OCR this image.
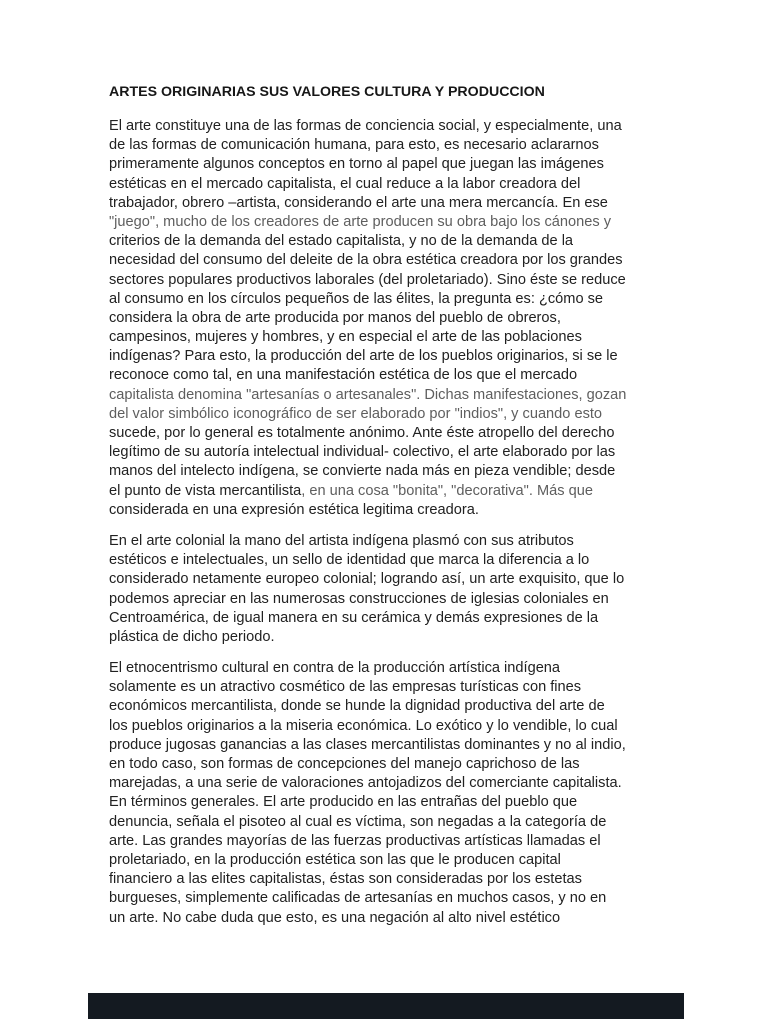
ARTES ORIGINARIAS SUS VALORES CULTURA Y PRODUCCION
El arte constituye una de las formas de conciencia social, y especialmente, una
de las formas de comunicación humana, para esto, es necesario aclararnos
primeramente algunos conceptos en torno al papel que juegan las imágenes
estéticas en el mercado capitalista, el cual reduce a la labor creadora del
trabajador, obrero –artista, considerando el arte una mera mercancía. En ese
"juego", mucho de los creadores de arte producen su obra bajo los cánones y
criterios de la demanda del estado capitalista, y no de la demanda de la
necesidad del consumo del deleite de la obra estética creadora por los grandes
sectores populares productivos laborales (del proletariado). Sino éste se reduce
al consumo en los círculos pequeños de las élites, la pregunta es: ¿cómo se
considera la obra de arte producida por manos del pueblo de obreros,
campesinos, mujeres y hombres, y en especial el arte de las poblaciones
indígenas? Para esto, la producción del arte de los pueblos originarios, si se le
reconoce como tal, en una manifestación estética de los que el mercado
capitalista denomina "artesanías o artesanales". Dichas manifestaciones, gozan
del valor simbólico iconográfico de ser elaborado por "indios", y cuando esto
sucede, por lo general es totalmente anónimo. Ante éste atropello del derecho
legítimo de su autoría intelectual individual- colectivo, el arte elaborado por las
manos del intelecto indígena, se convierte nada más en pieza vendible; desde
el punto de vista mercantilista, en una cosa "bonita", "decorativa". Más que
considerada en una expresión estética legitima creadora.
En el arte colonial la mano del artista indígena plasmó con sus atributos
estéticos e intelectuales, un sello de identidad que marca la diferencia a lo
considerado netamente europeo colonial; logrando así, un arte exquisito, que lo
podemos apreciar en las numerosas construcciones de iglesias coloniales en
Centroamérica, de igual manera en su cerámica y demás expresiones de la
plástica de dicho periodo.
El etnocentrismo cultural en contra de la producción artística indígena
solamente es un atractivo cosmético de las empresas turísticas con fines
económicos mercantilista, donde se hunde la dignidad productiva del arte de
los pueblos originarios a la miseria económica. Lo exótico y lo vendible, lo cual
produce jugosas ganancias a las clases mercantilistas dominantes y no al indio,
en todo caso, son formas de concepciones del manejo caprichoso de las
marejadas, a una serie de valoraciones antojadizos del comerciante capitalista.
En términos generales. El arte producido en las entrañas del pueblo que
denuncia, señala el pisoteo al cual es víctima, son negadas a la categoría de
arte. Las grandes mayorías de las fuerzas productivas artísticas llamadas el
proletariado, en la producción estética son las que le producen capital
financiero a las elites capitalistas, éstas son consideradas por los estetas
burgueses, simplemente calificadas de artesanías en muchos casos, y no en
un arte. No cabe duda que esto, es una negación al alto nivel estético
